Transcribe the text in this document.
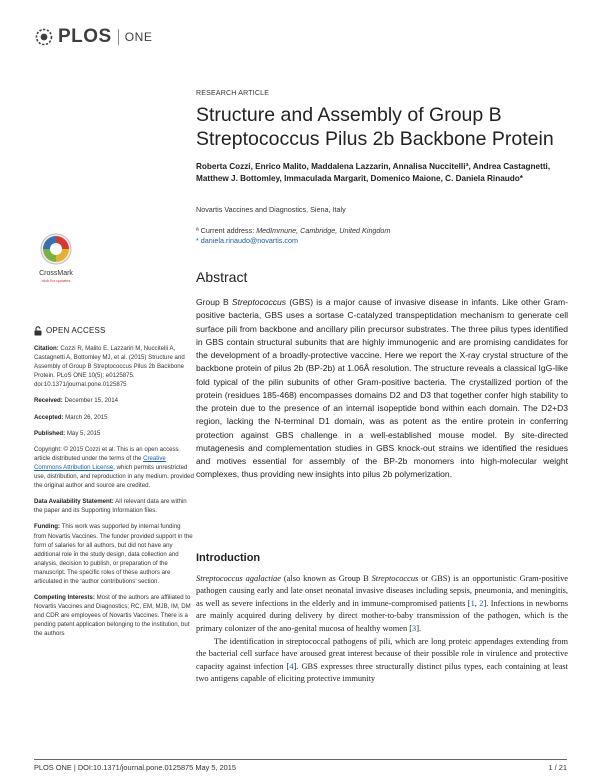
PLOS ONE
RESEARCH ARTICLE
Structure and Assembly of Group B Streptococcus Pilus 2b Backbone Protein
Roberta Cozzi, Enrico Malito, Maddalena Lazzarin, Annalisa Nuccitelliª, Andrea Castagnetti, Matthew J. Bottomley, Immaculada Margarit, Domenico Maione, C. Daniela Rinaudo*
Novartis Vaccines and Diagnostics, Siena, Italy
ª Current address: MedImmune, Cambridge, United Kingdom
* daniela.rinaudo@novartis.com
CrossMark
click for updates	Abstract
Group B Streptococcus (GBS) is a major cause of invasive disease in infants. Like other Gram-positive bacteria, GBS uses a sortase C-catalyzed transpeptidation mechanism to generate cell surface pili from backbone and ancillary pilin precursor substrates. The three pilus types identified in GBS contain structural subunits that are highly immunogenic and are promising candidates for the development of a broadly-protective vaccine. Here we report the X-ray crystal structure of the backbone protein of pilus 2b (BP-2b) at 1.06Å resolution. The structure reveals a classical IgG-like fold typical of the pilin subunits of other Gram-positive bacteria. The crystallized portion of the protein (residues 185-468) encompasses domains D2 and D3 that together confer high stability to the protein due to the presence of an internal isopeptide bond within each domain. The D2+D3 region, lacking the N-terminal D1 domain, was as potent as the entire protein in conferring protection against GBS challenge in a well-established mouse model. By site-directed mutagenesis and complementation studies in GBS knock-out strains we identified the residues and motives essential for assembly of the BP-2b monomers into high-molecular weight complexes, thus providing new insights into pilus 2b polymerization.
OPEN ACCESS
Citation: Cozzi R, Malito E, Lazzarin M, Nuccitelli A, Castagnetti A, Bottomley MJ, et al. (2015) Structure and Assembly of Group B Streptococcus Pilus 2b Backbone Protein. PLoS ONE 10(5): e0125875. doi:10.1371/journal.pone.0125875
Received: December 15, 2014
Accepted: March 26, 2015
Published: May 5, 2015
Copyright: © 2015 Cozzi et al. This is an open access article distributed under the terms of the Creative Commons Attribution License, which permits unrestricted use, distribution, and reproduction in any medium, provided the original author and source are credited.
Data Availability Statement: All relevant data are within the paper and its Supporting Information files.
Funding: This work was supported by internal funding from Novartis Vaccines. The funder provided support in the form of salaries for all authors, but did not have any additional role in the study design, data collection and analysis, decision to publish, or preparation of the manuscript. The specific roles of these authors are articulated in the ‘author contributions’ section.
Competing Interests: Most of the authors are affiliated to Novartis Vaccines and Diagnostics; RC, EM, MJB, IM, DM and CDR are employees of Novartis Vaccines. There is a pending patent application belonging to the institution, but the authors
Introduction

Streptococcus agalactiae (also known as Group B Streptococcus or GBS) is an opportunistic Gram-positive pathogen causing early and late onset neonatal invasive diseases including sepsis, pneumonia, and meningitis, as well as severe infections in the elderly and in immune-compromised patients [1, 2]. Infections in newborns are mainly acquired during delivery by direct mother-to-baby transmission of the pathogen, which is the primary colonizer of the ano-genital mucosa of healthy women [3].

The identification in streptococcal pathogens of pili, which are long proteic appendages extending from the bacterial cell surface have aroused great interest because of their possible role in virulence and protective capacity against infection [4]. GBS expresses three structurally distinct pilus types, each containing at least two antigens capable of eliciting protective immunity

PLOS ONE | DOI:10.1371/journal.pone.0125875 May 5, 2015	1 / 21
